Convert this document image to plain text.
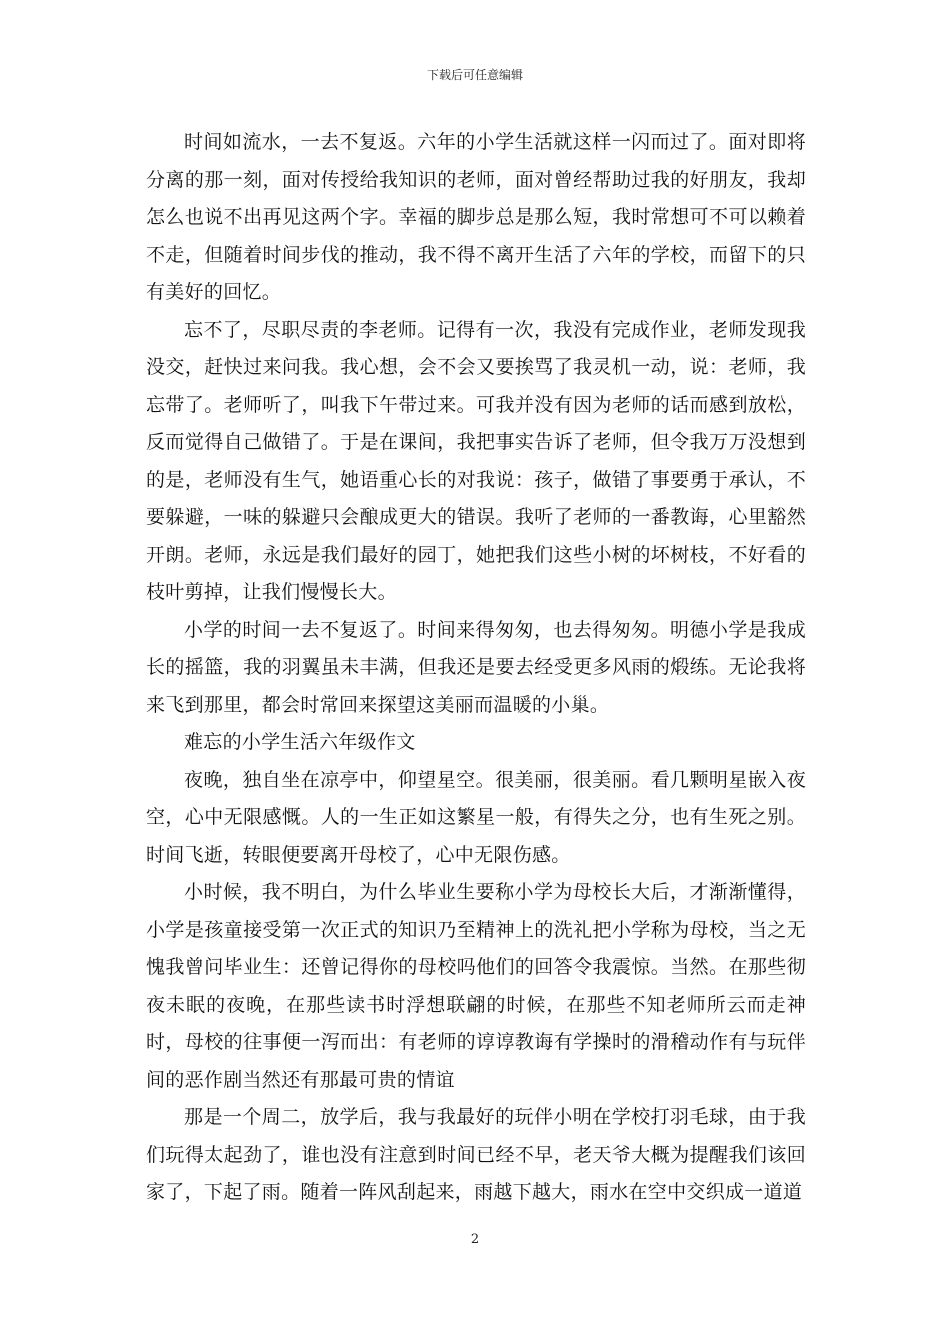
下载后可任意编辑

时间如流水，一去不复返。六年的小学生活就这样一闪而过了。面对即将分离的那一刻，面对传授给我知识的老师，面对曾经帮助过我的好朋友，我却怎么也说不出再见这两个字。幸福的脚步总是那么短，我时常想可不可以赖着不走，但随着时间步伐的推动，我不得不离开生活了六年的学校，而留下的只有美好的回忆。

忘不了，尽职尽责的李老师。记得有一次，我没有完成作业，老师发现我没交，赶快过来问我。我心想，会不会又要挨骂了我灵机一动，说：老师，我忘带了。老师听了，叫我下午带过来。可我并没有因为老师的话而感到放松，反而觉得自己做错了。于是在课间，我把事实告诉了老师，但令我万万没想到的是，老师没有生气，她语重心长的对我说：孩子，做错了事要勇于承认，不要躲避，一味的躲避只会酿成更大的错误。我听了老师的一番教诲，心里豁然开朗。老师，永远是我们最好的园丁，她把我们这些小树的坏树枝，不好看的枝叶剪掉，让我们慢慢长大。

小学的时间一去不复返了。时间来得匆匆，也去得匆匆。明德小学是我成长的摇篮，我的羽翼虽未丰满，但我还是要去经受更多风雨的煅练。无论我将来飞到那里，都会时常回来探望这美丽而温暖的小巢。

难忘的小学生活六年级作文

夜晚，独自坐在凉亭中，仰望星空。很美丽，很美丽。看几颗明星嵌入夜空，心中无限感慨。人的一生正如这繁星一般，有得失之分，也有生死之别。时间飞逝，转眼便要离开母校了，心中无限伤感。

小时候，我不明白，为什么毕业生要称小学为母校长大后，才渐渐懂得，小学是孩童接受第一次正式的知识乃至精神上的洗礼把小学称为母校，当之无愧我曾问毕业生：还曾记得你的母校吗他们的回答令我震惊。当然。在那些彻夜未眠的夜晚，在那些读书时浮想联翩的时候，在那些不知老师所云而走神时，母校的往事便一泻而出：有老师的谆谆教诲有学操时的滑稽动作有与玩伴间的恶作剧当然还有那最可贵的情谊

那是一个周二，放学后，我与我最好的玩伴小明在学校打羽毛球，由于我们玩得太起劲了，谁也没有注意到时间已经不早，老天爷大概为提醒我们该回家了，下起了雨。随着一阵风刮起来，雨越下越大，雨水在空中交织成一道道

2
